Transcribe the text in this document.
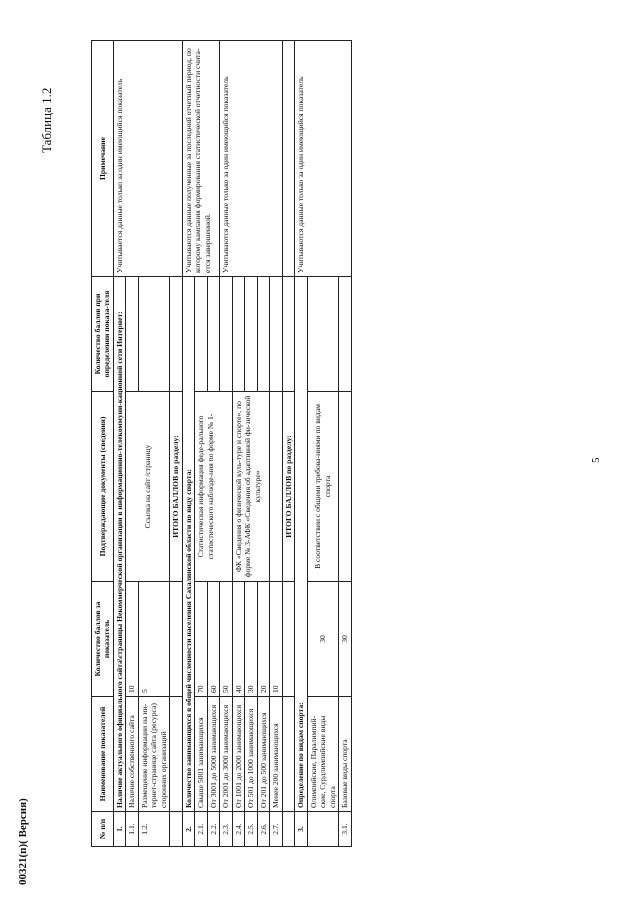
5
Таблица 1.2
№ п/п	Наименование показателей	Количество баллов за показатель	Подтверждающие документы (сведения)	Количество баллов при определении показа-теля	Примечание
1.	Наличие актуального официального сайта\страницы Некоммерческой организации в информационно-телекоммуни-кационной сети Интернет:				Учитывается данные только за один имеющийся показатель
1.1.	Наличие собственного сайта	10	Ссылка на сайт /страницу		
1.2.	Размещение информации на ин-тернет-странице сайта (ресурса) сторонних организаций	5			
			ИТОГО БАЛЛОВ по разделу:		
2.	Количество занимающихся в общей численности населения Сахалинской области по виду спорта:				Учитываются данные полученные за последний отчетный период, по которому кампания формирования статистической отчетности счита-ется завершенной.
2.1.	Свыше 5001 занимающихся	70	Статистическая информация феде-рального статистического наблюде-ния по форме № 1-		
2.2.	От 3001 до 5000 занимающихся	60			
2.3.	От 2001 до 3000 занимающихся	50			Учитываются данные только за один имеющийся показатель
2.4.	От 1001 до 2000 занимающихся	40	ФК «Сведения о физической куль-туре и спорте», по форме № 3-АФК «Сведения об адаптивной фи-зической культуре»		
2.5.	От 501 до 1000 занимающихся	30			
2.6.	От 201 до 500 занимающихся	20			
2.7.	Менее 200 занимающихся	10			
			ИТОГО БАЛЛОВ по разделу:		
3.	Определение по видам спорта:				Учитываются данные только за один имеющийся показатель
	Олимпийские, Паралимпий-ские, Сурдлимпийские виды спорта	30	В соответствии с общими требова-ниями по видам спорта		
3.1.	Базовые виды спорта	30			
00321(п)( Версия)
